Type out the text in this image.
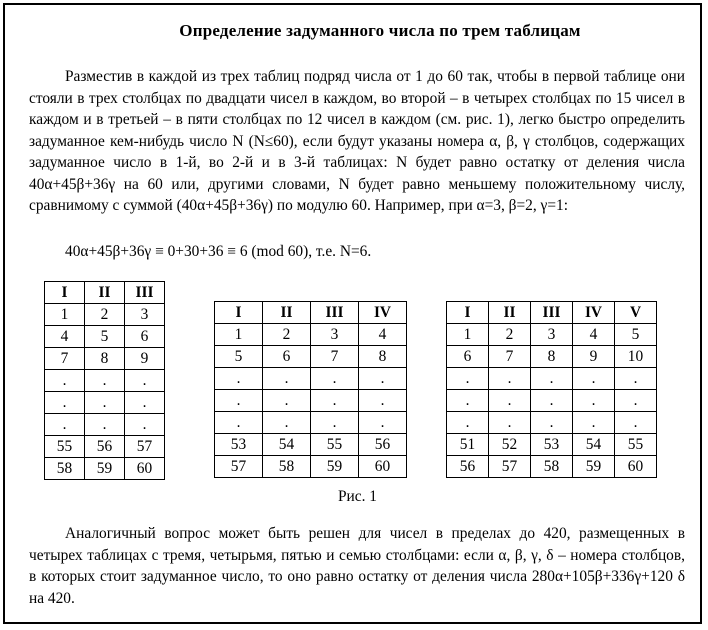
Определение задуманного числа по трем таблицам
Разместив в каждой из трех таблиц подряд числа от 1 до 60 так, чтобы в первой таблице они стояли в трех столбцах по двадцати чисел в каждом, во второй – в четырех столбцах по 15 чисел в каждом и в третьей – в пяти столбцах по 12 чисел в каждом (см. рис. 1), легко быстро определить задуманное кем-нибудь число N (N≤60), если будут указаны номера α, β, γ столбцов, содержащих задуманное число в 1-й, во 2-й и в 3-й таблицах: N будет равно остатку от деления числа 40α+45β+36γ на 60 или, другими словами, N будет равно меньшему положительному числу, сравнимому с суммой (40α+45β+36γ) по модулю 60. Например, при α=3, β=2, γ=1:
40α+45β+36γ ≡ 0+30+36 ≡ 6 (mod 60), т.е. N=6.
I	II	III
1	2	3
4	5	6
7	8	9
.	.	.
.	.	.
.	.	.
55	56	57
58	59	60
I	II	III	IV
1	2	3	4
5	6	7	8
.	.	.	.
.	.	.	.
.	.	.	.
53	54	55	56
57	58	59	60
I	II	III	IV	V
1	2	3	4	5
6	7	8	9	10
.	.	.	.	.
.	.	.	.	.
.	.	.	.	.
51	52	53	54	55
56	57	58	59	60
Рис. 1
Аналогичный вопрос может быть решен для чисел в пределах до 420, размещенных в четырех таблицах с тремя, четырьмя, пятью и семью столбцами: если α, β, γ, δ – номера столбцов, в которых стоит задуманное число, то оно равно остатку от деления числа 280α+105β+336γ+120 δ на 420.
